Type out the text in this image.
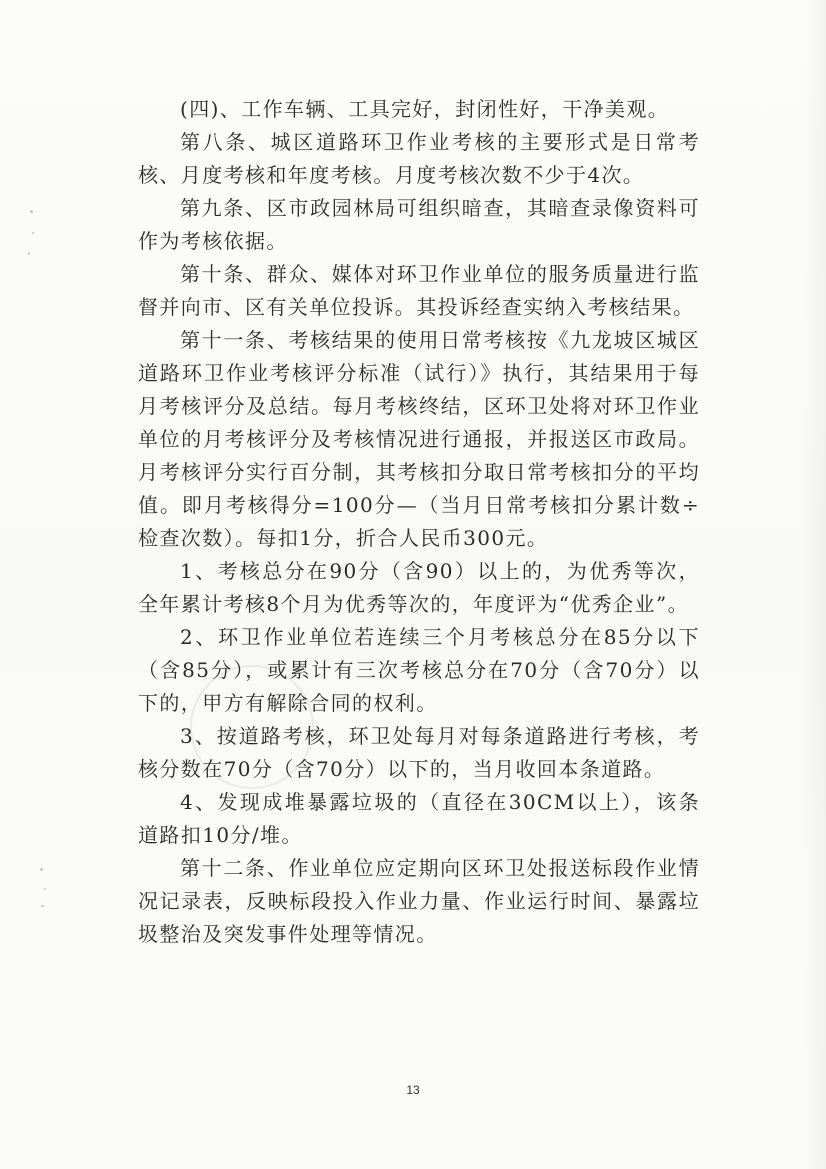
(四)、工作车辆、工具完好，封闭性好，干净美观。

第八条、城区道路环卫作业考核的主要形式是日常考核、月度考核和年度考核。月度考核次数不少于4次。

第九条、区市政园林局可组织暗查，其暗查录像资料可作为考核依据。

第十条、群众、媒体对环卫作业单位的服务质量进行监督并向市、区有关单位投诉。其投诉经查实纳入考核结果。

第十一条、考核结果的使用日常考核按《九龙坡区城区道路环卫作业考核评分标准（试行）》执行，其结果用于每月考核评分及总结。每月考核终结，区环卫处将对环卫作业单位的月考核评分及考核情况进行通报，并报送区市政局。月考核评分实行百分制，其考核扣分取日常考核扣分的平均值。即月考核得分=100分—（当月日常考核扣分累计数÷检查次数）。每扣1分，折合人民币300元。

1、考核总分在90分（含90）以上的，为优秀等次，全年累计考核8个月为优秀等次的，年度评为“优秀企业”。

2、环卫作业单位若连续三个月考核总分在85分以下（含85分），或累计有三次考核总分在70分（含70分）以下的，甲方有解除合同的权利。

3、按道路考核，环卫处每月对每条道路进行考核，考核分数在70分（含70分）以下的，当月收回本条道路。

4、发现成堆暴露垃圾的（直径在30CM以上），该条道路扣10分/堆。

第十二条、作业单位应定期向区环卫处报送标段作业情况记录表，反映标段投入作业力量、作业运行时间、暴露垃圾整治及突发事件处理等情况。

13
